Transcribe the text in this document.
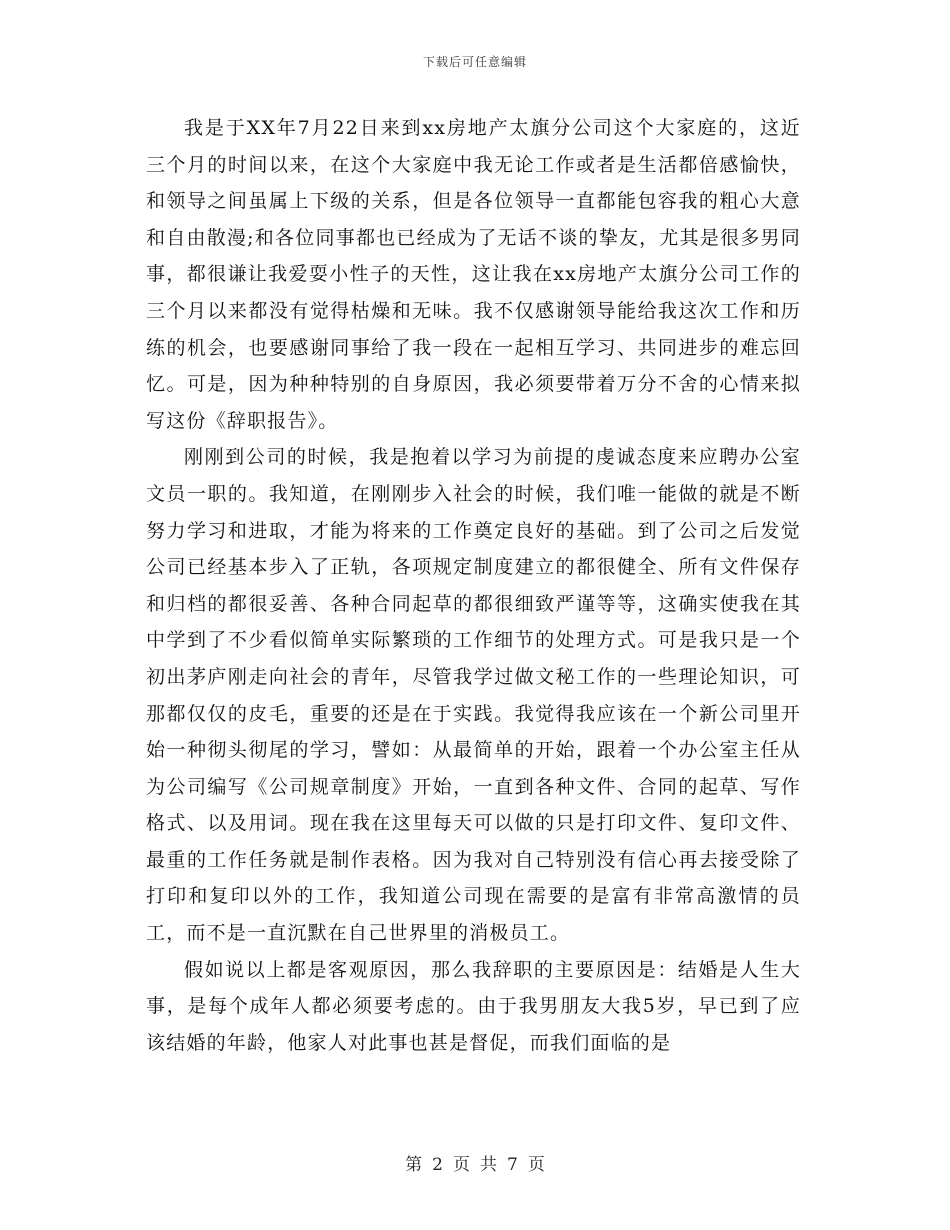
下载后可任意编辑

我是于XX年7月22日来到xx房地产太旗分公司这个大家庭的，这近三个月的时间以来，在这个大家庭中我无论工作或者是生活都倍感愉快，和领导之间虽属上下级的关系，但是各位领导一直都能包容我的粗心大意和自由散漫;和各位同事都也已经成为了无话不谈的挚友，尤其是很多男同事，都很谦让我爱耍小性子的天性，这让我在xx房地产太旗分公司工作的三个月以来都没有觉得枯燥和无味。我不仅感谢领导能给我这次工作和历练的机会，也要感谢同事给了我一段在一起相互学习、共同进步的难忘回忆。可是，因为种种特别的自身原因，我必须要带着万分不舍的心情来拟写这份《辞职报告》。

刚刚到公司的时候，我是抱着以学习为前提的虔诚态度来应聘办公室文员一职的。我知道，在刚刚步入社会的时候，我们唯一能做的就是不断努力学习和进取，才能为将来的工作奠定良好的基础。到了公司之后发觉公司已经基本步入了正轨，各项规定制度建立的都很健全、所有文件保存和归档的都很妥善、各种合同起草的都很细致严谨等等，这确实使我在其中学到了不少看似简单实际繁琐的工作细节的处理方式。可是我只是一个初出茅庐刚走向社会的青年，尽管我学过做文秘工作的一些理论知识，可那都仅仅的皮毛，重要的还是在于实践。我觉得我应该在一个新公司里开始一种彻头彻尾的学习，譬如：从最简单的开始，跟着一个办公室主任从为公司编写《公司规章制度》开始，一直到各种文件、合同的起草、写作格式、以及用词。现在我在这里每天可以做的只是打印文件、复印文件、最重的工作任务就是制作表格。因为我对自己特别没有信心再去接受除了打印和复印以外的工作，我知道公司现在需要的是富有非常高激情的员工，而不是一直沉默在自己世界里的消极员工。

假如说以上都是客观原因，那么我辞职的主要原因是：结婚是人生大事，是每个成年人都必须要考虑的。由于我男朋友大我5岁，早已到了应该结婚的年龄，他家人对此事也甚是督促，而我们面临的是

第 2 页 共 7 页
